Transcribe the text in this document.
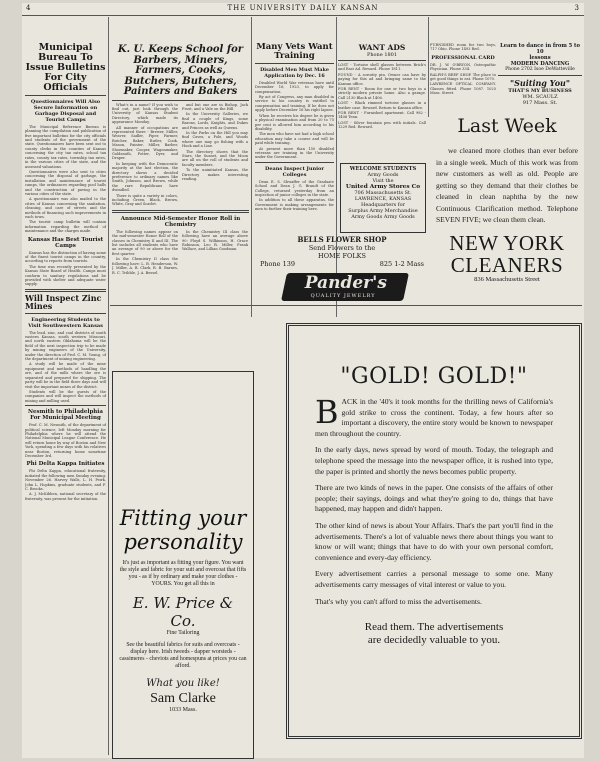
4	THE UNIVERSITY DAILY KANSAN	3
Municipal Bureau To Issue Bulletins For City Officials
Questionnaires Will Also Secure Information on Garbage Disposal and Tourist Camps

The Municipal Reference Bureau is planning the compilation and publication of five important bulletins for the city officials and students of the government of the state. Questionnaires have been sent out to county clerks in the counties of Kansas concerning the city tax rates, school tax rates, county tax rates, township tax rates, in the various cities of the state, and the assessed valuations.

Questionnaires were also sent to cities concerning the disposal of garbage, the installation and maintenance of tourist camps, the ordinances regarding pool halls and the construction of paving in the various cities of the state.

A questionnaire was also mailed to the cities of Kansas concerning the sanitation, cleaning, and care of streets and the methods of financing such improvements in each town.

The tourist camp bulletin will contain information regarding the method of maintenance and the charges made.

Kansas Has Best Tourist Camps

Kansas has the distinction of having some of the finest tourist camps in the country, according to reports from tourists.

The time was recently presented by the Kansas State Board of Health. Camps must conform to sanitary regulations and be provided with shelter and adequate water supply.

Will Inspect Zinc Mines
Engineering Students to Visit Southwestern Kansas

The lead, zinc, and coal districts of south eastern Kansas, south western Missouri, and north eastern Oklahoma will be the field of the next inspection trip to be made by mining engineers of the University, under the direction of Prof. C. M. Young, of the department of mining engineering.

A study will be made of the mine equipment and methods of handling the ore, and of the mills where the ore is separated and prepared for shipping. The party will be in the field three days and will visit the important mines of the district.

Students will be the guests of the companies and will inspect the methods of mining and milling used.

Nesmith to Philadelphia For Municipal Meeting

Prof. C. M. Nesmith, of the department of political science, left Monday morning for Philadelphia where he will attend the National Municipal League Conference. He will return home by way of Boston and New York, spending a few days with his relatives near Boston, returning home sometime December 3rd.

Phi Delta Kappa Initiates

Phi Delta Kappa, educational fraternity, initiated the following men Sunday evening: November 26. Harvey Walls, L. H. Peirk, John L. Hopkins, graduate students, and F. C. Brooks.

A. J. McKibben, national secretary of the fraternity, was present for the initiation.

K. U. Keeps School for Barbers, Miners, Farmers, Cooks, Butchers, Butchers, Painters and Bakers

What's in a name? If you wish to find out, just look through the University of Kansas Student Directory, which made its appearance Monday.

All manner of occupations are represented there - Brewer, Miller, Weaver, Sadler, Piper, Farmer, Butcher, Baker, Butler, Cook, Mason, Painter, Miller, Barber, Shoemaker, Cooper, Wagonmaker, Goldsmith, Potter, Dyer, and Draper.

In keeping with the Democratic majority at the last election, the directory shows a decided preference to ordinary names like Smith, Johnson, and Brown, while the rare Republicans have dwindled.

There is quite a variety in colors, including Green, Black, Brown, White, Gray and Scarlet.

and but one are in Bishop, Jack Frost, and a Vale on the Hill.

In the University Galleries, we find a couple of Kings, some Barons, Lords, Knights, and Dukes and Princes as well as Queens.

In the Parks on the Hill you may find Caves, a Pole, and Woods where one may go fishing with a Hook and a Line.

The directory shows that the Stars, the Sunset, and the Moon are all on the roll of students and faculty members.

To the uninitiated Kansas, the Directory makes interesting reading.

Announce Mid-Semester Honor Roll in Chemistry

The following names appear on the mid-semester Honor Roll of the classes in Chemistry II and III. The list includes all students who have an average of 90 or above for the first quarter.

In the Chemistry II class the following have: L. B. Henderson, W. J. Miller, A. B. Clark, R. B. Barnes, R. C. Tribble, J. A. Bessel.

In the Chemistry III class the following have an average above 90: Floyd S. Wilkinson, H. Grace Robinson, Leo R. Miller, Frank Wallace, and Lillian Goodman.

Many Vets Want Training
Disabled Men Must Make Application by Dec. 16

Disabled World War veterans have until December 16, 1923, to apply for compensation.

By act of Congress, any man disabled in service to his country is entitled to compensation and training. If he does not apply before December 16 his right lapses.

When he receives his degree he is given a physical examination and from 20 to 75 per cent is allowed him according to his disability.

The men who have not had a high school education may take a course and will be paid while training.

At present more than 150 disabled veterans are training in the University under the Government.

Deans Inspect Junior Colleges

Dean E. S. Shwaffer of the Graduate School and Dean J. G. Brandt of the College, returned yesterday from an inspection of junior colleges in the state.

In addition to all these apparatus, the Government is making arrangements for men to further their training here.

WANT ADS
Phone 1801

LOST - Tortoise shell glasses between Brick's and East Ad. Reward. Phone 1811.

FOUND - A sorority pin. Owner can have by paying for this ad and bringing same to the Kansan office.

FOR RENT - Room for one or two boys in a strictly modern private home. Also a garage. Call 2130 Black at 1406.

LOST - Black rimmed tortoise glasses in a leather case. Reward. Return to Kansan office.

FOR RENT - Furnished apartment. Call 982 - 1406 Tenn.

LOST - Silver fountain pen with initials. Call 1229 Red. Reward.

FURNISHED room for two boys, 717 Ohio. Phone 1493 Red.

PROFESSIONAL CARD

DR. J. W. O'BRYON, Osteopathic Physician. Phone 334.

RALPH'S BEEF SHOP. The place to get good things to eat. Phone 1070.

LAWRENCE OPTICAL COMPANY. Glasses fitted. Phone 1087. 1025 Mass. Street.

Learn to dance in from 5 to 10
lessons
MODERN DANCING
Phone 2702 Isoe DeWatteville
"Suiting You"
THAT'S MY BUSINESS
WM. SCAULZ
917 Mass. St.
WELCOME STUDENTS
Army Goods
Visit the
United Army Stores Co
706 Massachusetts St.
LAWRENCE, KANSAS
Headquarters for
Surplus Army Merchandise
Army Goods Army Goods
BELLS FLOWER SHOP
Send Flowers to the
HOME FOLKS
Phone 139	825 1-2 Mass
Pander's
QUALITY JEWELRY
Last Week
we cleaned more clothes than ever before in a single week. Much of this work was from new customers as well as old. People are getting so they demand that their clothes be cleaned in clean naphtha by the new Continuous Clarification method. Telephone SEVEN FIVE; we clean them clean.
NEW YORK CLEANERS
836 Massachusetts Street
Fitting your
personality
It's just as important as fitting your figure. You want the style and fabric for your suit and overcoat that fifts you - as if by ordinary and make your clothes - YOURS. You get all this in
E. W. Price & Co.
Fine Tailoring
See the beautiful fabrics for suits and overcoats - display here. Irish tweeds - dapper worsteds - cassimeres - cheviots and homespuns at prices you can afford.
What you like!
Sam Clarke
1033 Mass.
"GOLD! GOLD!"
BACK in the '40's it took months for the thrilling news of California's gold strike to cross the continent. Today, a few hours after so important a discovery, the entire story would be known to newspaper men throughout the country.
In the early days, news spread by word of mouth. Today, the telegraph and telephone speed the message into the newspaper office, it is rushed into type, the paper is printed and shortly the news becomes public property.
There are two kinds of news in the paper. One consists of the affairs of other people; their sayings, doings and what they're going to do, things that have happened, may happen and didn't happen.
The other kind of news is about Your Affairs. That's the part you'll find in the advertisements. There's a lot of valuable news there about things you want to know or will want; things that have to do with your own personal comfort, convenience and every-day efficiency.
Every advertisement carries a personal message to some one. Many advertisements carry messages of vital interest or value to you.
That's why you can't afford to miss the advertisements.
Read them. The advertisements
are decidedly valuable to you.
